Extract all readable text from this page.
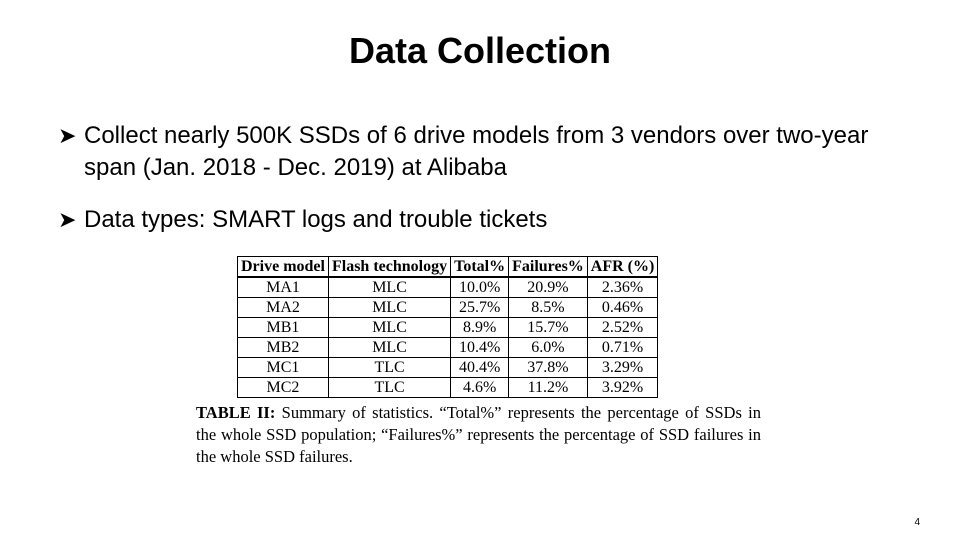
Data Collection
➤ Collect nearly 500K SSDs of 6 drive models from 3 vendors over two-year span (Jan. 2018 - Dec. 2019) at Alibaba
➤ Data types: SMART logs and trouble tickets
Drive model	Flash technology	Total%	Failures%	AFR (%)
MA1	MLC	10.0%	20.9%	2.36%
MA2	MLC	25.7%	8.5%	0.46%
MB1	MLC	8.9%	15.7%	2.52%
MB2	MLC	10.4%	6.0%	0.71%
MC1	TLC	40.4%	37.8%	3.29%
MC2	TLC	4.6%	11.2%	3.92%
TABLE II: Summary of statistics. “Total%” represents the percentage of SSDs in the whole SSD population; “Failures%” represents the percentage of SSD failures in the whole SSD failures.
4
